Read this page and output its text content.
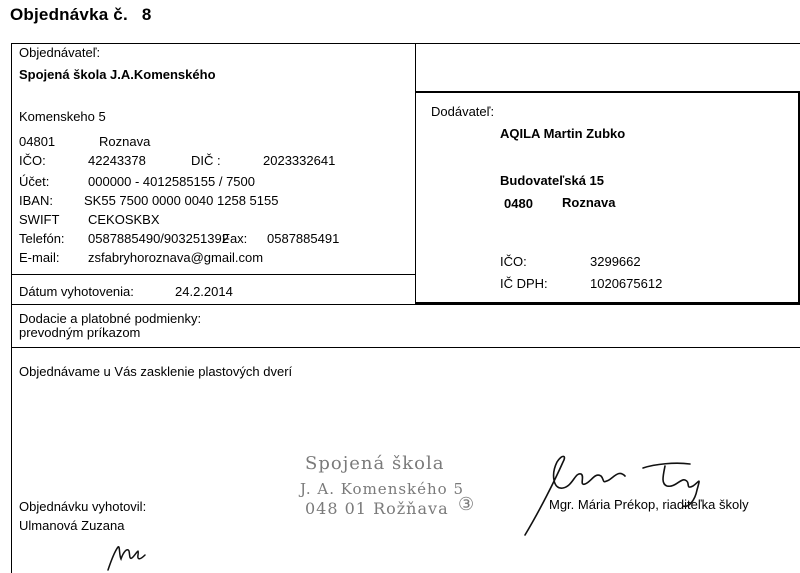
Objednávka č. 8
Objednávateľ:
Spojená škola J.A.Komenského
Komenskeho 5
04801	Roznava
IČO:	42243378	DIČ :	2023332641
Účet:	000000 - 4012585155 / 7500
IBAN: SK55 7500 0000 0040 1258 5155
SWIFT CEKOSKBX
Telefón: 0587885490/903251392
Fax: 0587885491
E-mail: zsfabryhoroznava@gmail.com
Dátum vyhotovenia:	24.2.2014
Dodávateľ:
AQILA Martin Zubko
Budovateľská 15
0480 Roznava
IČO:	3299662
IČ DPH:	1020675612
Dodacie a platobné podmienky:
prevodným príkazom
Objednávame u Vás zasklenie plastových dverí
Objednávku vyhotovil:
Ulmanová Zuzana
Spojená škola
J. A. Komenského 5
048 01 Rožňava ③	Mgr. Mária Prékop, riaditeľka školy
